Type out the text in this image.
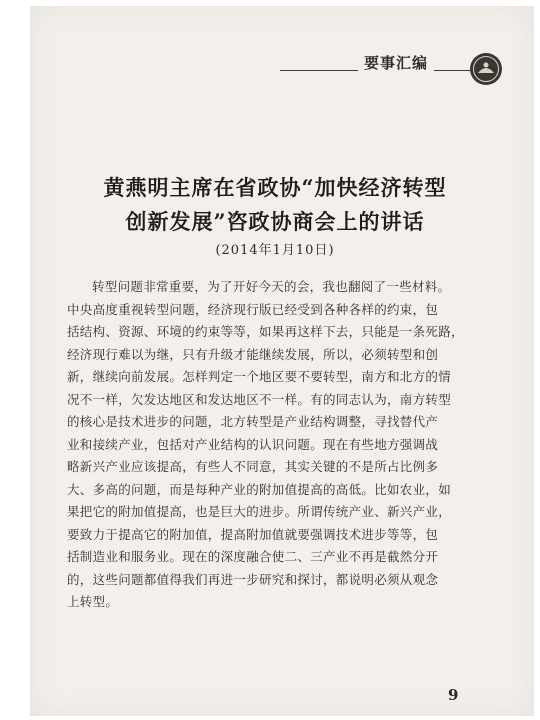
要事汇编
黄燕明主席在省政协“加快经济转型
创新发展”咨政协商会上的讲话
(2014年1月10日)
转型问题非常重要，为了开好今天的会，我也翻阅了一些材料。
中央高度重视转型问题，经济现行版已经受到各种各样的约束，包
括结构、资源、环境的约束等等，如果再这样下去，只能是一条死路，
经济现行难以为继，只有升级才能继续发展，所以，必须转型和创
新，继续向前发展。怎样判定一个地区要不要转型，南方和北方的情
况不一样，欠发达地区和发达地区不一样。有的同志认为，南方转型
的核心是技术进步的问题，北方转型是产业结构调整，寻找替代产
业和接续产业，包括对产业结构的认识问题。现在有些地方强调战
略新兴产业应该提高，有些人不同意，其实关键的不是所占比例多
大、多高的问题，而是每种产业的附加值提高的高低。比如农业，如
果把它的附加值提高，也是巨大的进步。所谓传统产业、新兴产业，
要致力于提高它的附加值，提高附加值就要强调技术进步等等，包
括制造业和服务业。现在的深度融合使二、三产业不再是截然分开
的，这些问题都值得我们再进一步研究和探讨，都说明必须从观念
上转型。
9
